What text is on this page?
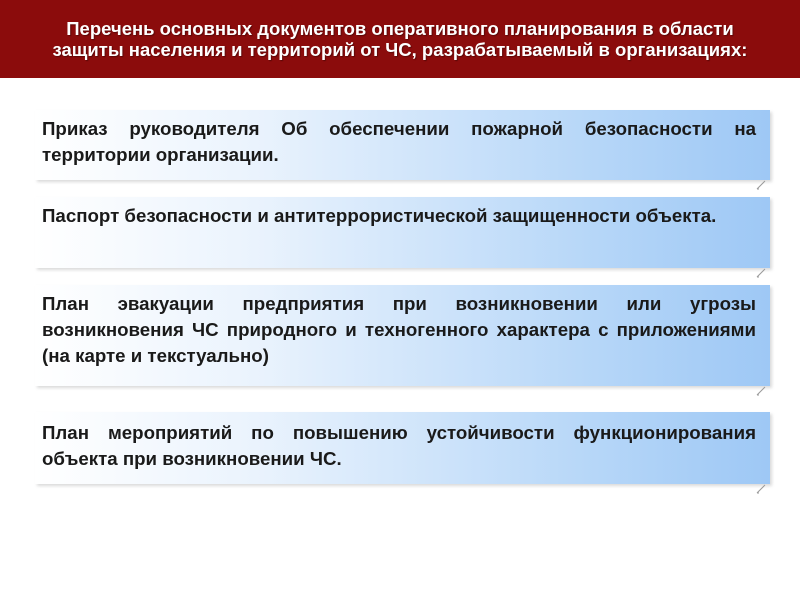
Перечень основных документов оперативного планирования в области защиты населения и территорий от ЧС, разрабатываемый в организациях:

Приказ руководителя Об обеспечении пожарной безопасности на территории организации.

Паспорт безопасности и антитеррористической защищенности объекта.

План эвакуации предприятия при возникновении или угрозы возникновения ЧС природного и техногенного характера с приложениями (на карте и текстуально)

План мероприятий по повышению устойчивости функционирования объекта при возникновении ЧС.
